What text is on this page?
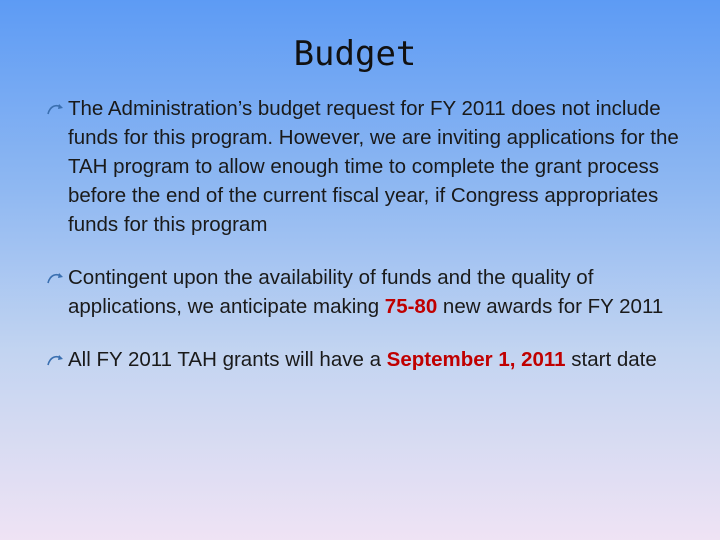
Budget
The Administration’s budget request for FY 2011 does not include funds for this program. However, we are inviting applications for the TAH program to allow enough time to complete the grant process before the end of the current fiscal year, if Congress appropriates funds for this program
Contingent upon the availability of funds and the quality of applications, we anticipate making 75-80 new awards for FY 2011
All FY 2011 TAH grants will have a September 1, 2011 start date
